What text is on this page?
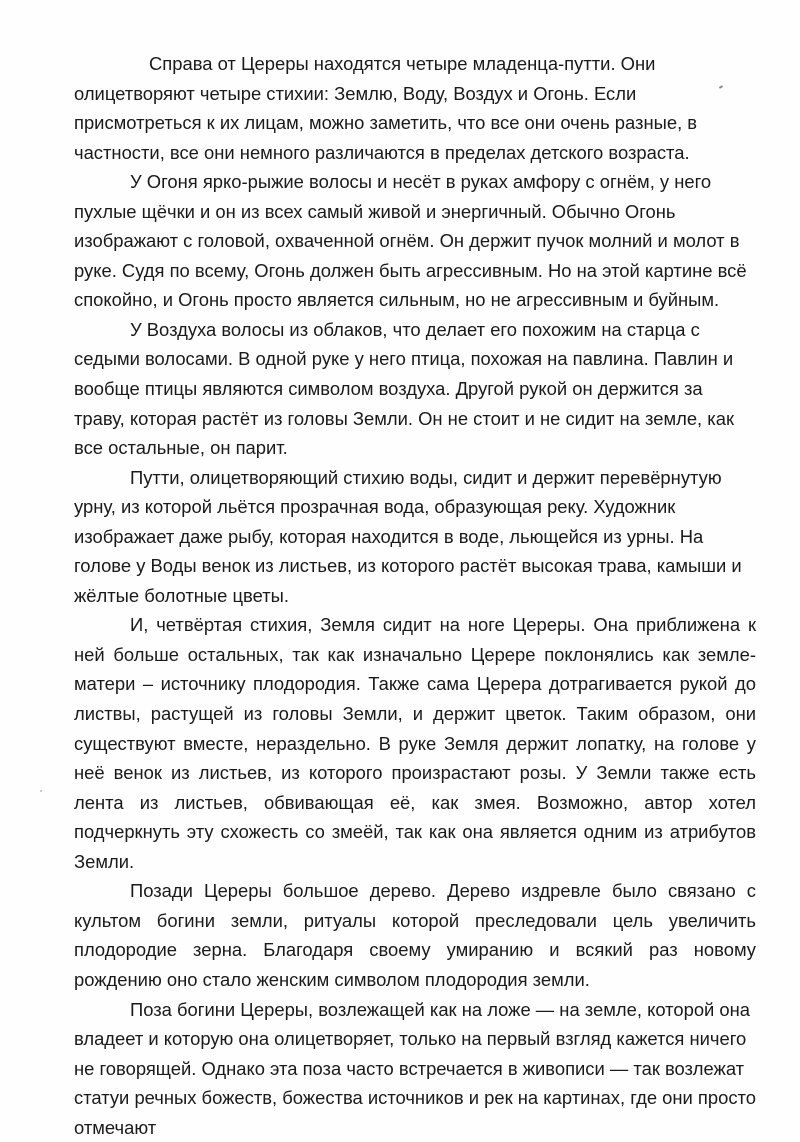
Справа от Цереры находятся четыре младенца-путти. Они олицетворяют четыре стихии: Землю, Воду, Воздух и Огонь. Если присмотреться к их лицам, можно заметить, что все они очень разные, в частности, все они немного различаются в пределах детского возраста.

У Огоня ярко-рыжие волосы и несёт в руках амфору с огнём, у него пухлые щёчки и он из всех самый живой и энергичный. Обычно Огонь изображают с головой, охваченной огнём. Он держит пучок молний и молот в руке. Судя по всему, Огонь должен быть агрессивным. Но на этой картине всё спокойно, и Огонь просто является сильным, но не агрессивным и буйным.

У Воздуха волосы из облаков, что делает его похожим на старца с седыми волосами. В одной руке у него птица, похожая на павлина. Павлин и вообще птицы являются символом воздуха. Другой рукой он держится за траву, которая растёт из головы Земли. Он не стоит и не сидит на земле, как все остальные, он парит.

Путти, олицетворяющий стихию воды, сидит и держит перевёрнутую урну, из которой льётся прозрачная вода, образующая реку. Художник изображает даже рыбу, которая находится в воде, льющейся из урны. На голове у Воды венок из листьев, из которого растёт высокая трава, камыши и жёлтые болотные цветы.

И, четвёртая стихия, Земля сидит на ноге Цереры. Она приближена к ней больше остальных, так как изначально Церере поклонялись как земле-матери – источнику плодородия. Также сама Церера дотрагивается рукой до листвы, растущей из головы Земли, и держит цветок. Таким образом, они существуют вместе, нераздельно. В руке Земля держит лопатку, на голове у неё венок из листьев, из которого произрастают розы. У Земли также есть лента из листьев, обвивающая её, как змея. Возможно, автор хотел подчеркнуть эту схожесть со змеёй, так как она является одним из атрибутов Земли.

Позади Цереры большое дерево. Дерево издревле было связано с культом богини земли, ритуалы которой преследовали цель увеличить плодородие зерна. Благодаря своему умиранию и всякий раз новому рождению оно стало женским символом плодородия земли.

Поза богини Цереры, возлежащей как на ложе — на земле, которой она владеет и которую она олицетворяет, только на первый взгляд кажется ничего не говорящей. Однако эта поза часто встречается в живописи — так возлежат статуи речных божеств, божества источников и рек на картинах, где они просто отмечают
